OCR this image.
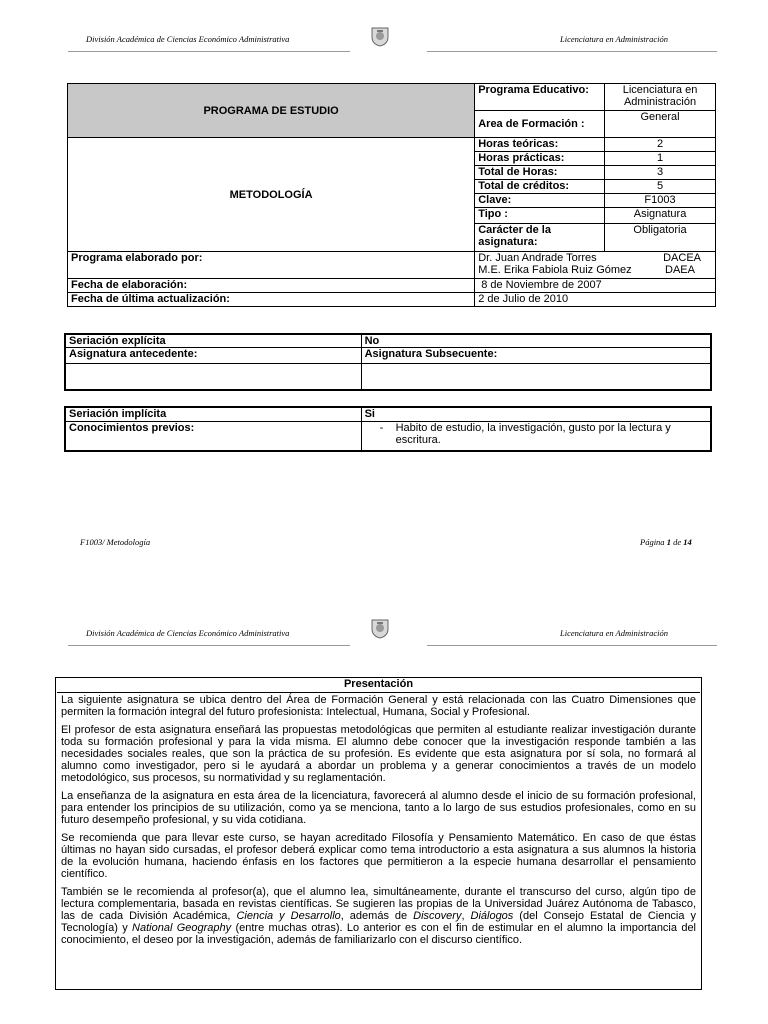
División Académica de Ciencias Económico Administrativa	Licenciatura en Administración
PROGRAMA DE ESTUDIO	Programa Educativo:	Licenciatura en Administración
	Area de Formación :	General
METODOLOGÍA	Horas teóricas:	2
	Horas prácticas:	1
	Total de Horas:	3
	Total de créditos:	5
	Clave:	F1003
	Tipo :	Asignatura
	Carácter de la asignatura:	Obligatoria
Programa elaborado por:	Dr. Juan Andrade Torres DACEA
M.E. Erika Fabiola Ruiz Gómez DAEA	

Fecha de elaboración:	8 de Noviembre de 2007	
Fecha de última actualización:	2 de Julio de 2010	
Seriación explícita	No
Asignatura antecedente:	Asignatura Subsecuente:

Seriación implícita	Si
Conocimientos previos:	- Habito de estudio, la investigación, gusto por la lectura y escritura.
F1003/ Metodología	Página 1 de 14
División Académica de Ciencias Económico Administrativa	Licenciatura en Administración
Presentación

La siguiente asignatura se ubica dentro del Área de Formación General y está relacionada con las Cuatro Dimensiones que permiten la formación integral del futuro profesionista: Intelectual, Humana, Social y Profesional.

El profesor de esta asignatura enseñará las propuestas metodológicas que permiten al estudiante realizar investigación durante toda su formación profesional y para la vida misma. El alumno debe conocer que la investigación responde también a las necesidades sociales reales, que son la práctica de su profesión. Es evidente que esta asignatura por sí sola, no formará al alumno como investigador, pero si le ayudará a abordar un problema y a generar conocimientos a través de un modelo metodológico, sus procesos, su normatividad y su reglamentación.

La enseñanza de la asignatura en esta área de la licenciatura, favorecerá al alumno desde el inicio de su formación profesional, para entender los principios de su utilización, como ya se menciona, tanto a lo largo de sus estudios profesionales, como en su futuro desempeño profesional, y su vida cotidiana.

Se recomienda que para llevar este curso, se hayan acreditado Filosofía y Pensamiento Matemático. En caso de que éstas últimas no hayan sido cursadas, el profesor deberá explicar como tema introductorio a esta asignatura a sus alumnos la historia de la evolución humana, haciendo énfasis en los factores que permitieron a la especie humana desarrollar el pensamiento científico.

También se le recomienda al profesor(a), que el alumno lea, simultáneamente, durante el transcurso del curso, algún tipo de lectura complementaria, basada en revistas científicas. Se sugieren las propias de la Universidad Juárez Autónoma de Tabasco, las de cada División Académica, Ciencia y Desarrollo, además de Discovery, Diálogos (del Consejo Estatal de Ciencia y Tecnología) y National Geography (entre muchas otras). Lo anterior es con el fin de estimular en el alumno la importancia del conocimiento, el deseo por la investigación, además de familiarizarlo con el discurso científico.
